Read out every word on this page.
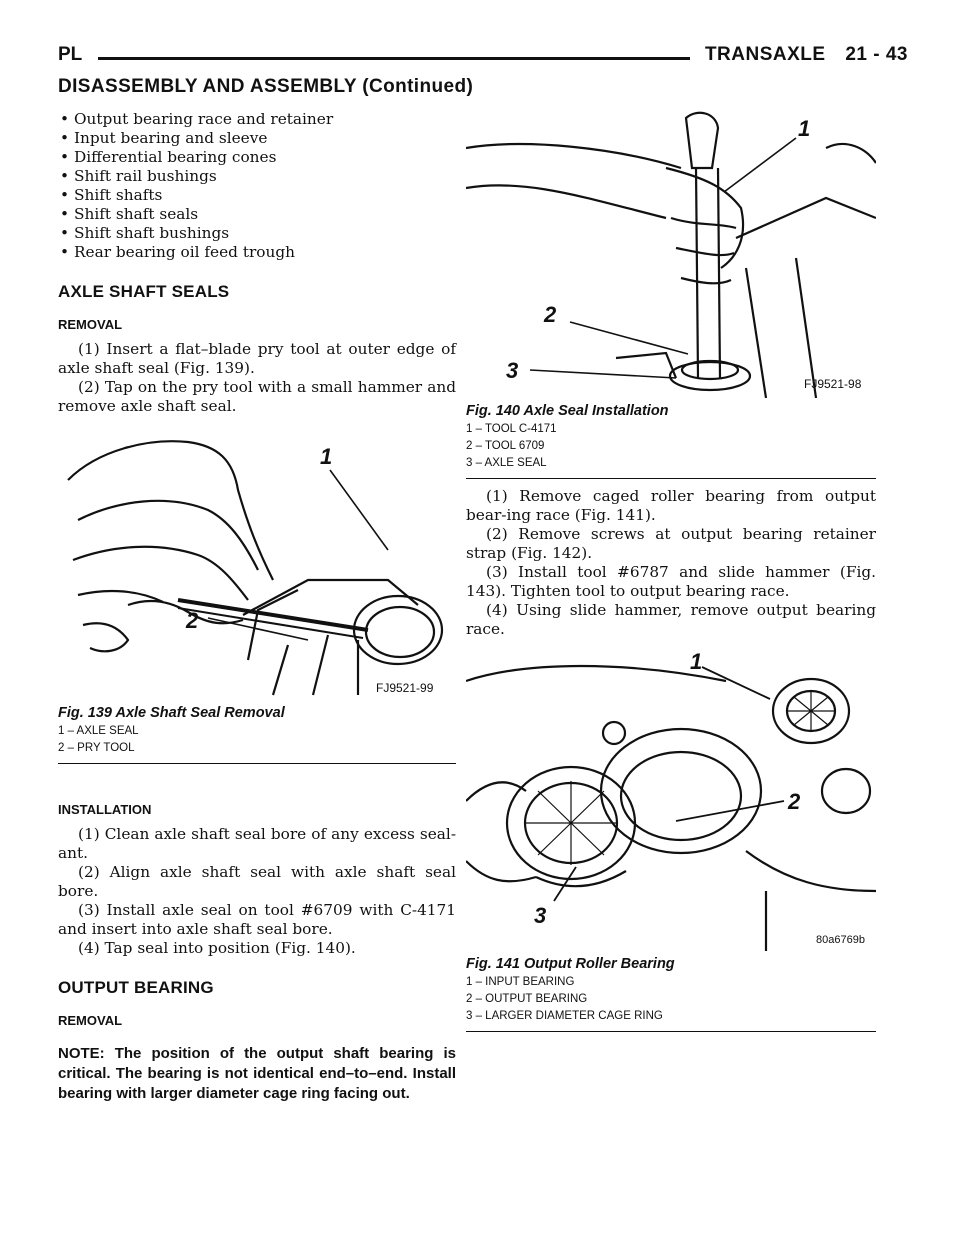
PL	TRANSAXLE 21 - 43
DISASSEMBLY AND ASSEMBLY (Continued)
• Output bearing race and retainer
• Input bearing and sleeve
• Differential bearing cones
• Shift rail bushings
• Shift shafts
• Shift shaft seals
• Shift shaft bushings
• Rear bearing oil feed trough
AXLE SHAFT SEALS
REMOVAL

(1) Insert a flat–blade pry tool at outer edge of axle shaft seal (Fig. 139).

(2) Tap on the pry tool with a small hammer and remove axle shaft seal.

1
2
FJ9521-99
Fig. 139 Axle Shaft Seal Removal
1 – AXLE SEAL
2 – PRY TOOL
INSTALLATION

(1) Clean axle shaft seal bore of any excess seal-ant.

(2) Align axle shaft seal with axle shaft seal bore.

(3) Install axle seal on tool #6709 with C-4171 and insert into axle shaft seal bore.

(4) Tap seal into position (Fig. 140).

OUTPUT BEARING
REMOVAL

NOTE: The position of the output shaft bearing is critical. The bearing is not identical end–to–end. Install bearing with larger diameter cage ring facing out.

1
2
3
FJ9521-98
Fig. 140 Axle Seal Installation
1 – TOOL C-4171
2 – TOOL 6709
3 – AXLE SEAL

(1) Remove caged roller bearing from output bear-ing race (Fig. 141).

(2) Remove screws at output bearing retainer strap (Fig. 142).

(3) Install tool #6787 and slide hammer (Fig. 143). Tighten tool to output bearing race.

(4) Using slide hammer, remove output bearing race.

1
2
3
80a6769b
Fig. 141 Output Roller Bearing
1 – INPUT BEARING
2 – OUTPUT BEARING
3 – LARGER DIAMETER CAGE RING
